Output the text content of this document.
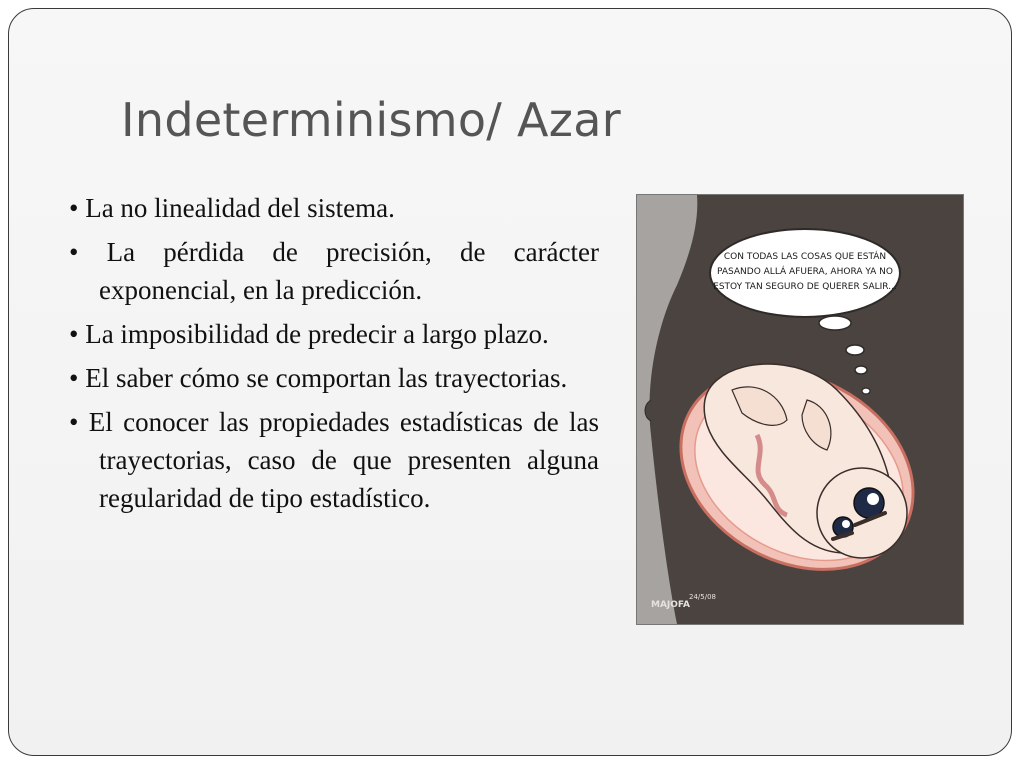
Indeterminismo/ Azar
• La no linealidad del sistema.
• La pérdida de precisión, de carácter exponencial, en la predicción.
• La imposibilidad de predecir a largo plazo.
• El saber cómo se comportan las trayectorias.
• El conocer las propiedades estadísticas de las trayectorias, caso de que presenten alguna regularidad de tipo estadístico.
CON TODAS LAS COSAS QUE ESTÁN
PASANDO ALLÁ AFUERA, AHORA YA NO
ESTOY TAN SEGURO DE QUERER SALIR...
MAJOFA
24/5/08
